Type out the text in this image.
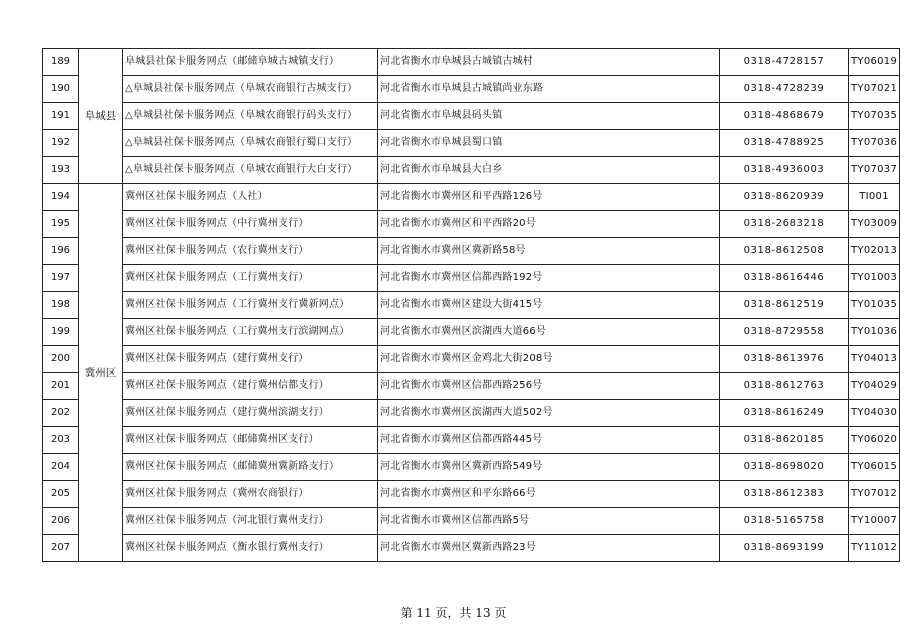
189	阜城县	阜城县社保卡服务网点（邮储阜城古城镇支行）	河北省衡水市阜城县古城镇古城村	0318-4728157	TY06019
190		△阜城县社保卡服务网点（阜城农商银行古城支行）	河北省衡水市阜城县古城镇尚业东路	0318-4728239	TY07021
191		△阜城县社保卡服务网点（阜城农商银行码头支行）	河北省衡水市阜城县码头镇	0318-4868679	TY07035
192		△阜城县社保卡服务网点（阜城农商银行蜀口支行）	河北省衡水市阜城县蜀口镇	0318-4788925	TY07036
193		△阜城县社保卡服务网点（阜城农商银行大白支行）	河北省衡水市阜城县大白乡	0318-4936003	TY07037
194	冀州区	冀州区社保卡服务网点（人社）	河北省衡水市冀州区和平西路126号	0318-8620939	TI001
195		冀州区社保卡服务网点（中行冀州支行）	河北省衡水市冀州区和平西路20号	0318-2683218	TY03009
196		冀州区社保卡服务网点（农行冀州支行）	河北省衡水市冀州区冀新路58号	0318-8612508	TY02013
197		冀州区社保卡服务网点（工行冀州支行）	河北省衡水市冀州区信都西路192号	0318-8616446	TY01003
198		冀州区社保卡服务网点（工行冀州支行冀新网点）	河北省衡水市冀州区建设大街415号	0318-8612519	TY01035
199		冀州区社保卡服务网点（工行冀州支行滨湖网点）	河北省衡水市冀州区滨湖西大道66号	0318-8729558	TY01036
200		冀州区社保卡服务网点（建行冀州支行）	河北省衡水市冀州区金鸡北大街208号	0318-8613976	TY04013
201		冀州区社保卡服务网点（建行冀州信都支行）	河北省衡水市冀州区信都西路256号	0318-8612763	TY04029
202		冀州区社保卡服务网点（建行冀州滨湖支行）	河北省衡水市冀州区滨湖西大道502号	0318-8616249	TY04030
203		冀州区社保卡服务网点（邮储冀州区支行）	河北省衡水市冀州区信都西路445号	0318-8620185	TY06020
204		冀州区社保卡服务网点（邮储冀州冀新路支行）	河北省衡水市冀州区冀新西路549号	0318-8698020	TY06015
205		冀州区社保卡服务网点（冀州农商银行）	河北省衡水市冀州区和平东路66号	0318-8612383	TY07012
206		冀州区社保卡服务网点（河北银行冀州支行）	河北省衡水市冀州区信都西路5号	0318-5165758	TY10007
207		冀州区社保卡服务网点（衡水银行冀州支行）	河北省衡水市冀州区冀新西路23号	0318-8693199	TY11012
第 11 页，共 13 页
